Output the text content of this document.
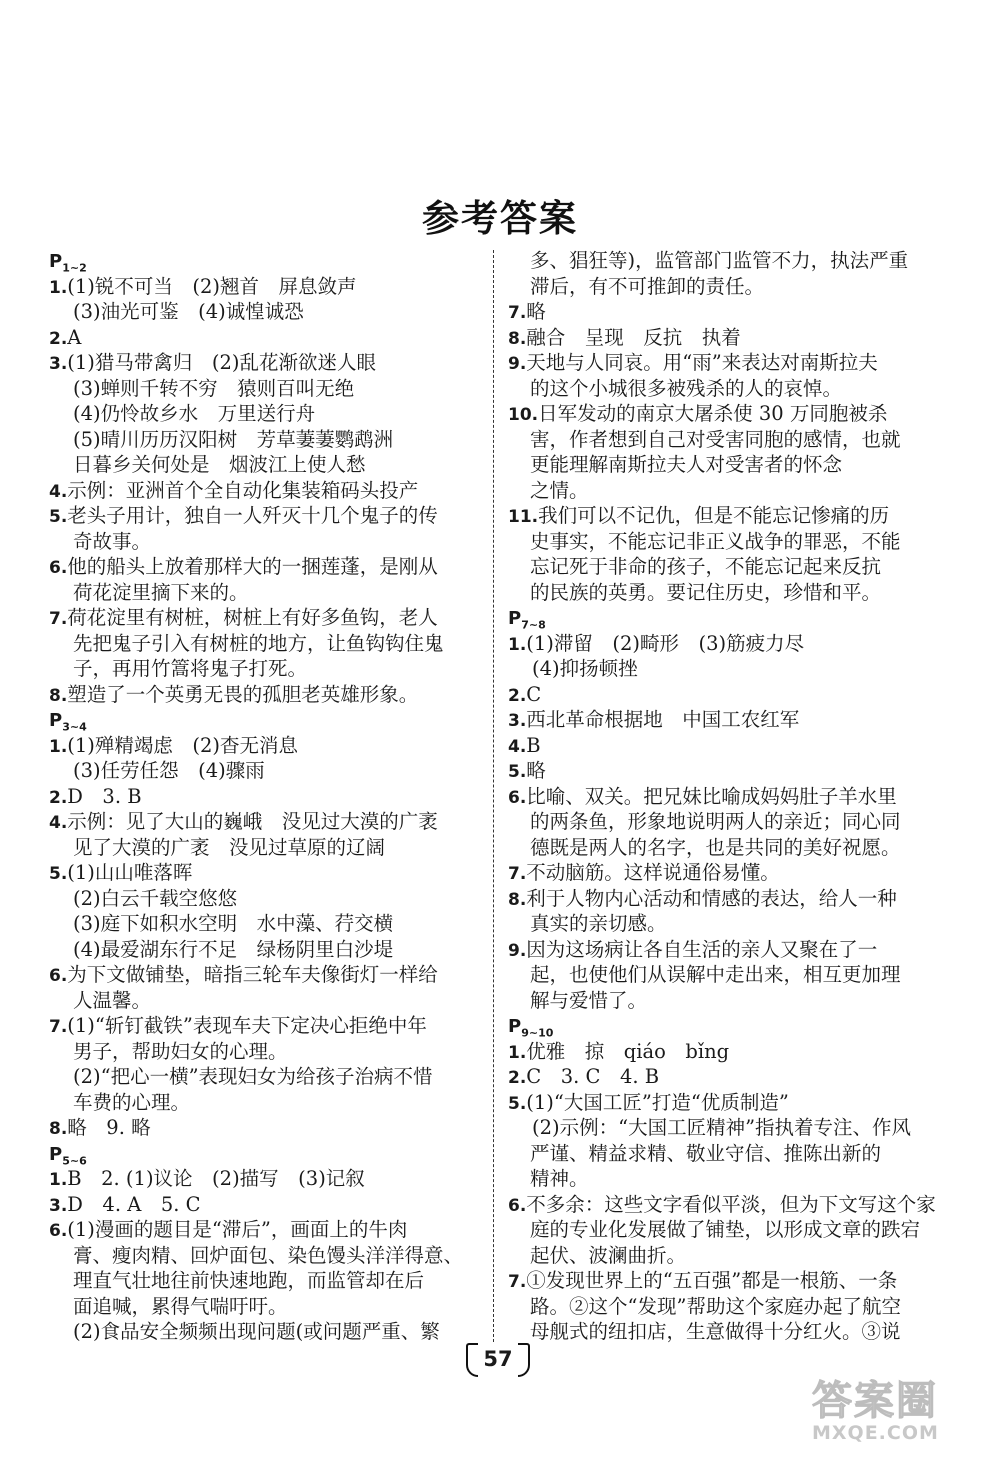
参考答案
$P_{1\sim 2}$
1.(1)锐不可当　(2)翘首　屏息敛声
(3)油光可鉴　(4)诚惶诚恐
2.A
3.(1)猎马带禽归　(2)乱花渐欲迷人眼
(3)蝉则千转不穷　猿则百叫无绝
(4)仍怜故乡水　万里送行舟
(5)晴川历历汉阳树　芳草萋萋鹦鹉洲
日暮乡关何处是　烟波江上使人愁
4.示例：亚洲首个全自动化集装箱码头投产
5.老头子用计，独自一人歼灭十几个鬼子的传
奇故事。
6.他的船头上放着那样大的一捆莲蓬，是刚从
荷花淀里摘下来的。
7.荷花淀里有树桩，树桩上有好多鱼钩，老人
先把鬼子引入有树桩的地方，让鱼钩钩住鬼
子，再用竹篙将鬼子打死。
8.塑造了一个英勇无畏的孤胆老英雄形象。
$P_{3\sim 4}$
1.(1)殚精竭虑　(2)杳无消息
(3)任劳任怨　(4)骤雨
2.D　3. B
4.示例：见了大山的巍峨　没见过大漠的广袤
见了大漠的广袤　没见过草原的辽阔
5.(1)山山唯落晖
(2)白云千载空悠悠
(3)庭下如积水空明　水中藻、荇交横
(4)最爱湖东行不足　绿杨阴里白沙堤
6.为下文做铺垫，暗指三轮车夫像街灯一样给
人温馨。
7.(1)“斩钉截铁”表现车夫下定决心拒绝中年
男子，帮助妇女的心理。
(2)“把心一横”表现妇女为给孩子治病不惜
车费的心理。
8.略　9. 略
$P_{5\sim 6}$
1.B　2. (1)议论　(2)描写　(3)记叙
3.D　4. A　5. C
6.(1)漫画的题目是“滞后”，画面上的牛肉
膏、瘦肉精、回炉面包、染色馒头洋洋得意、
理直气壮地往前快速地跑，而监管却在后
面追喊，累得气喘吁吁。
(2)食品安全频频出现问题(或问题严重、繁
多、猖狂等)，监管部门监管不力，执法严重
滞后，有不可推卸的责任。
7.略
8.融合　呈现　反抗　执着
9.天地与人同哀。用“雨”来表达对南斯拉夫
的这个小城很多被残杀的人的哀悼。
10.日军发动的南京大屠杀使 30 万同胞被杀
害，作者想到自己对受害同胞的感情，也就
更能理解南斯拉夫人对受害者的怀念
之情。
11.我们可以不记仇，但是不能忘记惨痛的历
史事实，不能忘记非正义战争的罪恶，不能
忘记死于非命的孩子，不能忘记起来反抗
的民族的英勇。要记住历史，珍惜和平。
$P_{7\sim 8}$
1.(1)滞留　(2)畸形　(3)筋疲力尽
(4)抑扬顿挫
2.C
3.西北革命根据地　中国工农红军
4.B
5.略
6.比喻、双关。把兄妹比喻成妈妈肚子羊水里
的两条鱼，形象地说明两人的亲近；同心同
德既是两人的名字，也是共同的美好祝愿。
7.不动脑筋。这样说通俗易懂。
8.利于人物内心活动和情感的表达，给人一种
真实的亲切感。
9.因为这场病让各自生活的亲人又聚在了一
起，也使他们从误解中走出来，相互更加理
解与爱惜了。
$P_{9\sim 10}$
1.优雅　掠　qiáo　bǐng
2.C　3. C　4. B
5.(1)“大国工匠”打造“优质制造”
(2)示例：“大国工匠精神”指执着专注、作风
严谨、精益求精、敬业守信、推陈出新的
精神。
6.不多余：这些文字看似平淡，但为下文写这个家
庭的专业化发展做了铺垫，以形成文章的跌宕
起伏、波澜曲折。
7.①发现世界上的“五百强”都是一根筋、一条
路。②这个“发现”帮助这个家庭办起了航空
母舰式的纽扣店，生意做得十分红火。③说
57
答案圈
MXQE.COM
